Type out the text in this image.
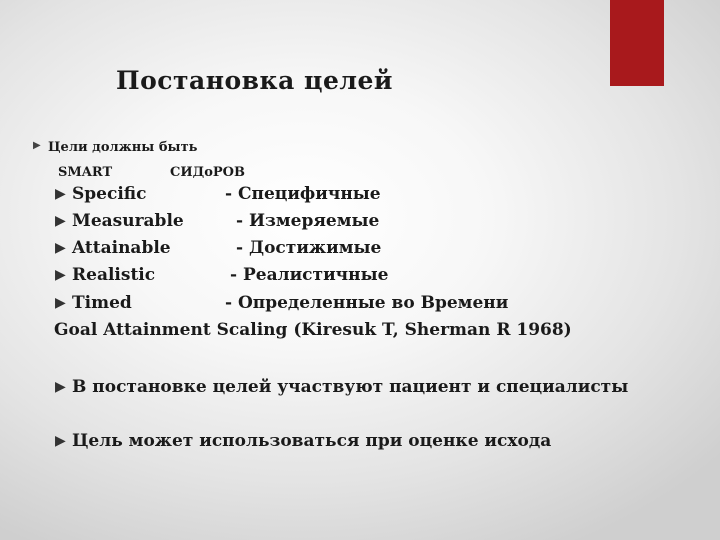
Постановка целей
▶ Цели должны быть
SMART	СИДоРОВ
▶ Specific	- Специфичные
▶ Measurable	- Измеряемые
▶ Attainable	- Достижимые
▶ Realistic	- Реалистичные
▶ Timed	- Определенные во Времени
Goal Attainment Scaling (Kiresuk T, Sherman R 1968)
▶ В постановке целей участвуют пациент и специалисты
▶ Цель может использоваться при оценке исхода
